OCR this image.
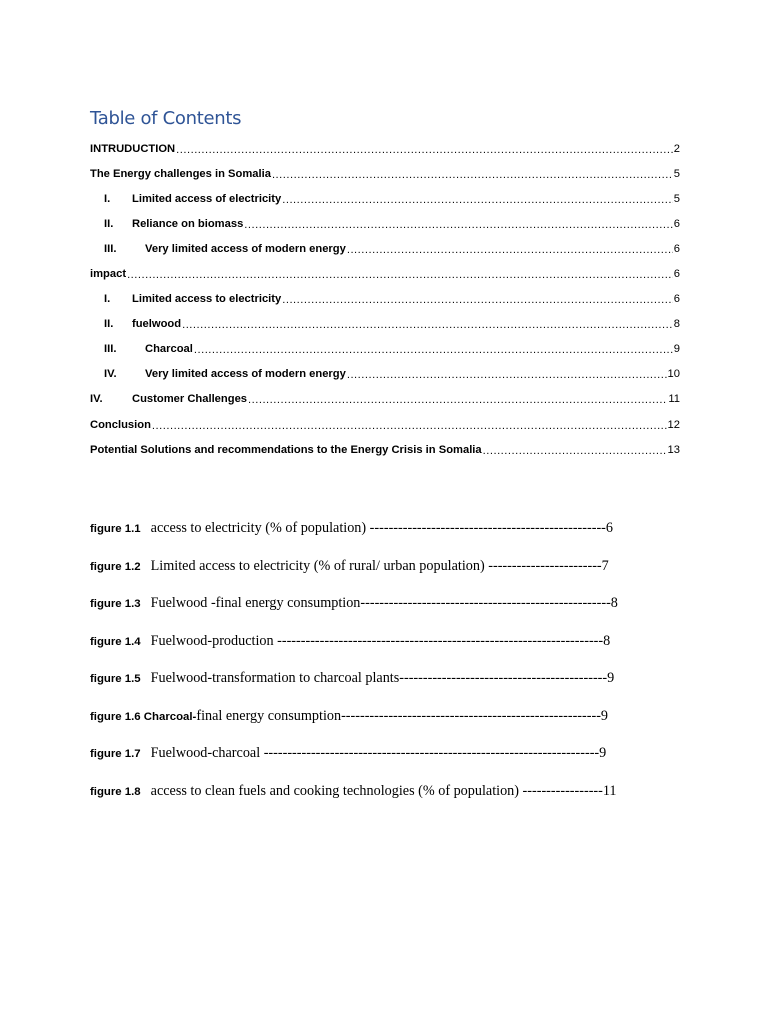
Table of Contents
INTRUDUCTION .....	2
The Energy challenges in Somalia .....	5
I.	Limited access of electricity .....	5
II.	Reliance on biomass .....	6
III.	Very limited access of modern energy .....	6
impact .....	6
I.	Limited access to electricity .....	6
II.	fuelwood .....	8
III.	Charcoal .....	9
IV.	Very limited access of modern energy .....	10
IV.	Customer Challenges .....	11
Conclusion .....	12
Potential Solutions and recommendations to the Energy Crisis in Somalia .....	13
figure 1.1 access to electricity (% of population) --------------------------------------------------6
figure 1.2 Limited access to electricity (% of rural/ urban population) ------------------------7
figure 1.3 Fuelwood -final energy consumption-----------------------------------------------------8
figure 1.4 Fuelwood-production ---------------------------------------------------------------------8
figure 1.5 Fuelwood-transformation to charcoal plants--------------------------------------------9
figure 1.6 Charcoal- final energy consumption-------------------------------------------------------9
figure 1.7 Fuelwood-charcoal -----------------------------------------------------------------------9
figure 1.8 access to clean fuels and cooking technologies (% of population) -----------------11
